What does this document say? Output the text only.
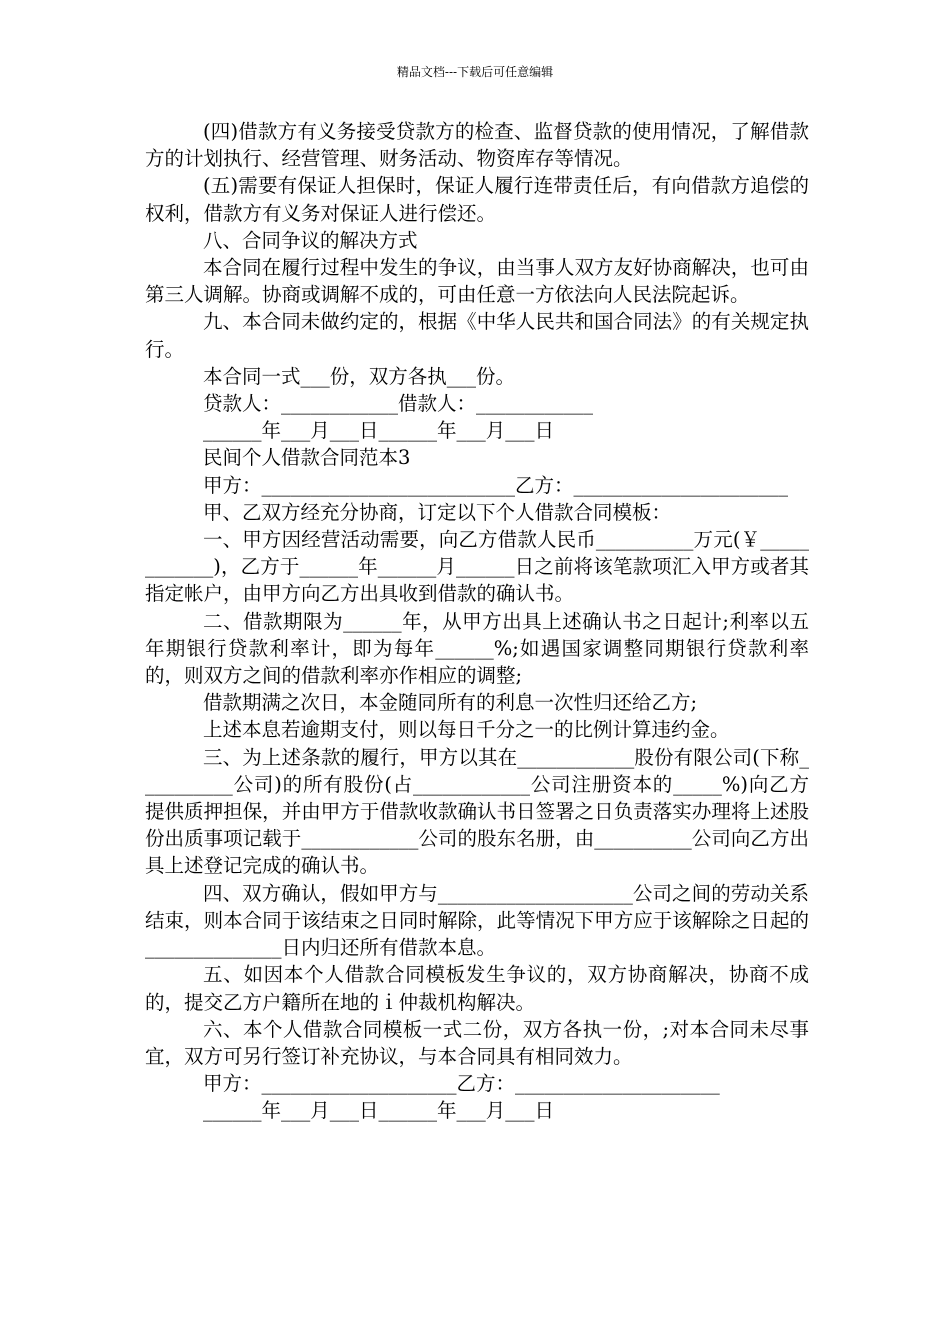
精品文档---下载后可任意编辑

(四)借款方有义务接受贷款方的检查、监督贷款的使用情况，了解借款方的计划执行、经营管理、财务活动、物资库存等情况。

(五)需要有保证人担保时，保证人履行连带责任后，有向借款方追偿的权利，借款方有义务对保证人进行偿还。

八、合同争议的解决方式

本合同在履行过程中发生的争议，由当事人双方友好协商解决，也可由第三人调解。协商或调解不成的，可由任意一方依法向人民法院起诉。

九、本合同未做约定的，根据《中华人民共和国合同法》的有关规定执行。

本合同一式___份，双方各执___份。

贷款人：____________借款人：____________

______年___月___日______年___月___日

民间个人借款合同范本3

甲方：__________________________乙方：______________________

甲、乙双方经充分协商，订定以下个人借款合同模板：

一、甲方因经营活动需要，向乙方借款人民币__________万元(￥____________)，乙方于______年______月______日之前将该笔款项汇入甲方或者其指定帐户，由甲方向乙方出具收到借款的确认书。

二、借款期限为______年，从甲方出具上述确认书之日起计;利率以五年期银行贷款利率计，即为每年______%;如遇国家调整同期银行贷款利率的，则双方之间的借款利率亦作相应的调整;

借款期满之次日，本金随同所有的利息一次性归还给乙方;

上述本息若逾期支付，则以每日千分之一的比例计算违约金。

三、为上述条款的履行，甲方以其在____________股份有限公司(下称__________公司)的所有股份(占____________公司注册资本的_____%)向乙方提供质押担保，并由甲方于借款收款确认书日签署之日负责落实办理将上述股份出质事项记载于____________公司的股东名册，由__________公司向乙方出具上述登记完成的确认书。

四、双方确认，假如甲方与____________________公司之间的劳动关系结束，则本合同于该结束之日同时解除，此等情况下甲方应于该解除之日起的______________日内归还所有借款本息。

五、如因本个人借款合同模板发生争议的，双方协商解决，协商不成的，提交乙方户籍所在地的ｉ仲裁机构解决。

六、本个人借款合同模板一式二份，双方各执一份，;对本合同未尽事宜，双方可另行签订补充协议，与本合同具有相同效力。

甲方：____________________乙方：_____________________

______年___月___日______年___月___日
